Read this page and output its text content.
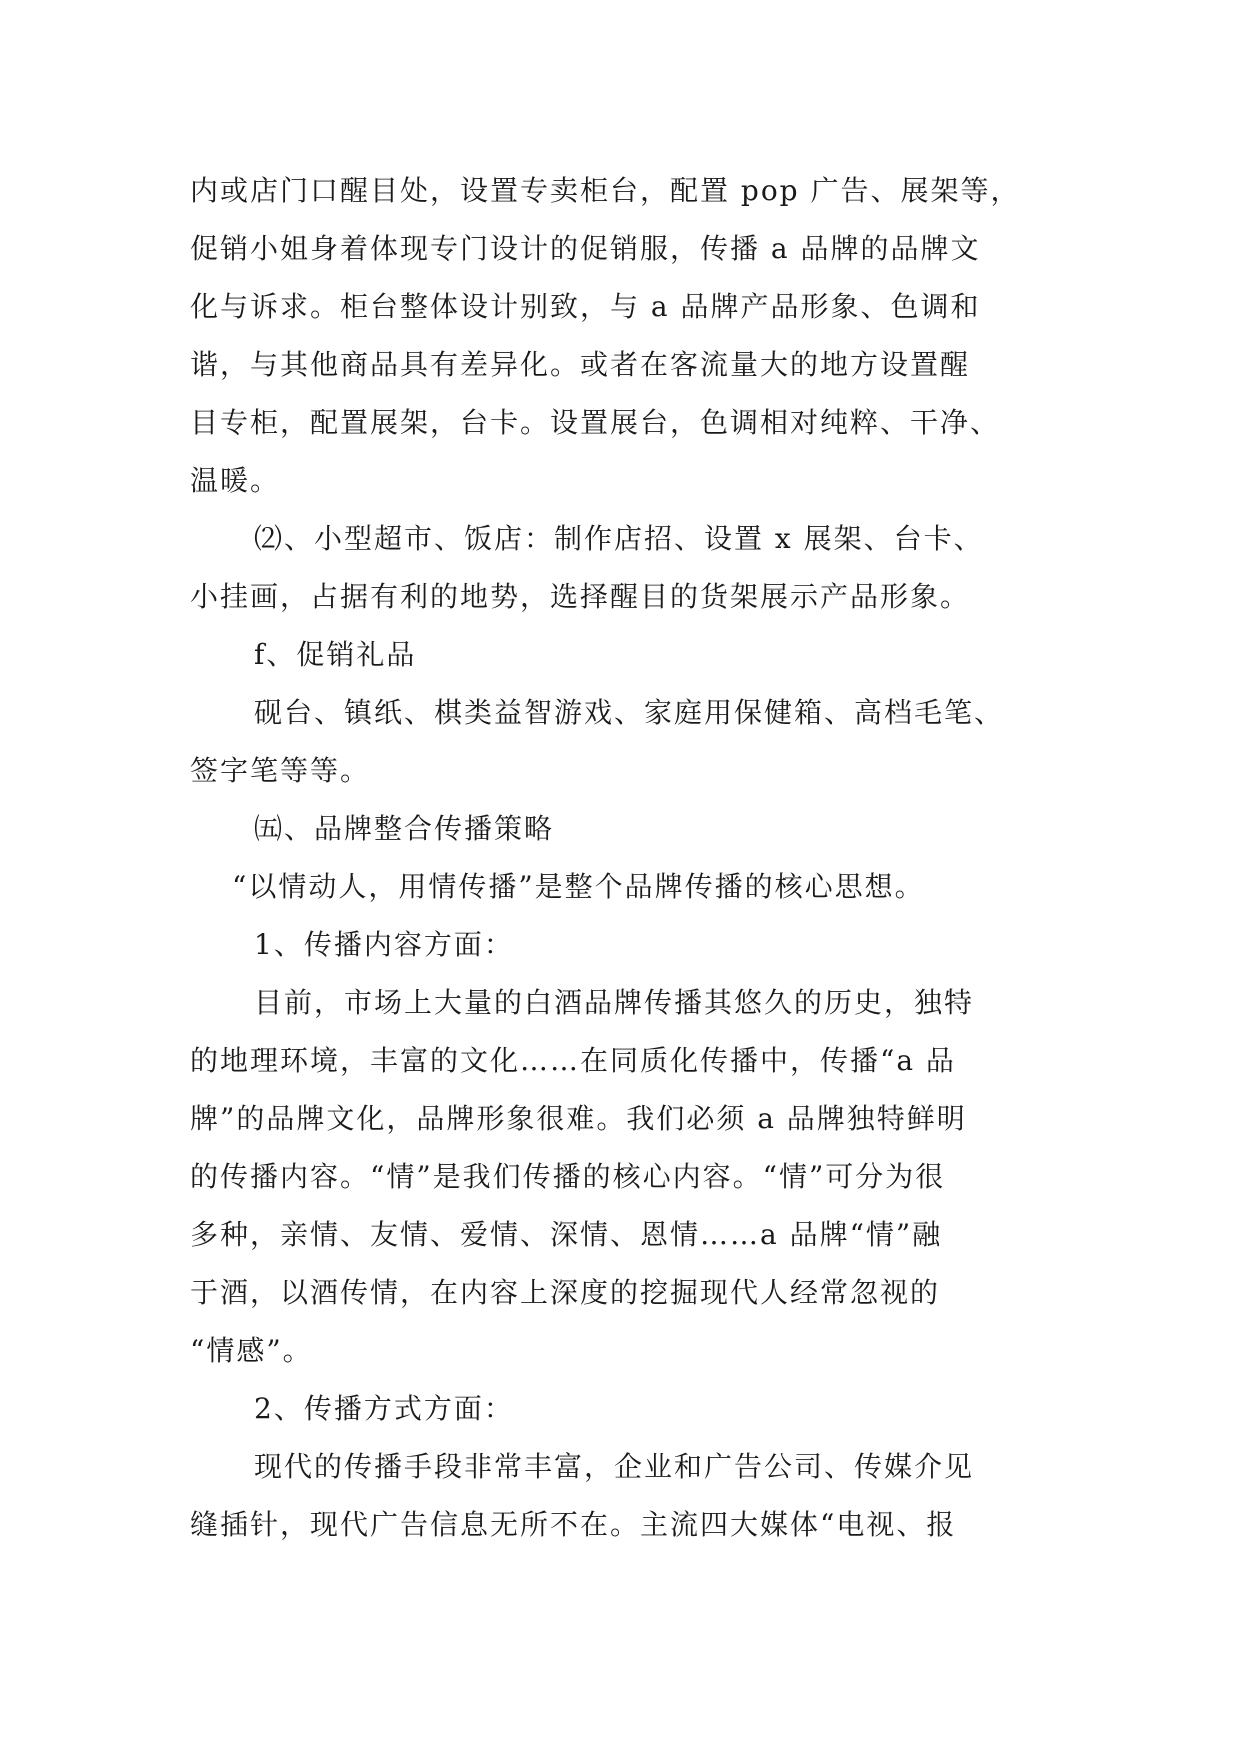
内或店门口醒目处，设置专卖柜台，配置 pop 广告、展架等，
促销小姐身着体现专门设计的促销服，传播 a 品牌的品牌文
化与诉求。柜台整体设计别致，与 a 品牌产品形象、色调和
谐，与其他商品具有差异化。或者在客流量大的地方设置醒
目专柜，配置展架，台卡。设置展台，色调相对纯粹、干净、
温暖。
⑵、小型超市、饭店：制作店招、设置 x 展架、台卡、
小挂画，占据有利的地势，选择醒目的货架展示产品形象。
f、促销礼品
砚台、镇纸、棋类益智游戏、家庭用保健箱、高档毛笔、
签字笔等等。
㈤、品牌整合传播策略
“以情动人，用情传播”是整个品牌传播的核心思想。
1、传播内容方面：
目前，市场上大量的白酒品牌传播其悠久的历史，独特
的地理环境，丰富的文化……在同质化传播中，传播“a 品
牌”的品牌文化，品牌形象很难。我们必须 a 品牌独特鲜明
的传播内容。“情”是我们传播的核心内容。“情”可分为很
多种，亲情、友情、爱情、深情、恩情……a 品牌“情”融
于酒，以酒传情，在内容上深度的挖掘现代人经常忽视的
“情感”。
2、传播方式方面：
现代的传播手段非常丰富，企业和广告公司、传媒介见
缝插针，现代广告信息无所不在。主流四大媒体“电视、报
